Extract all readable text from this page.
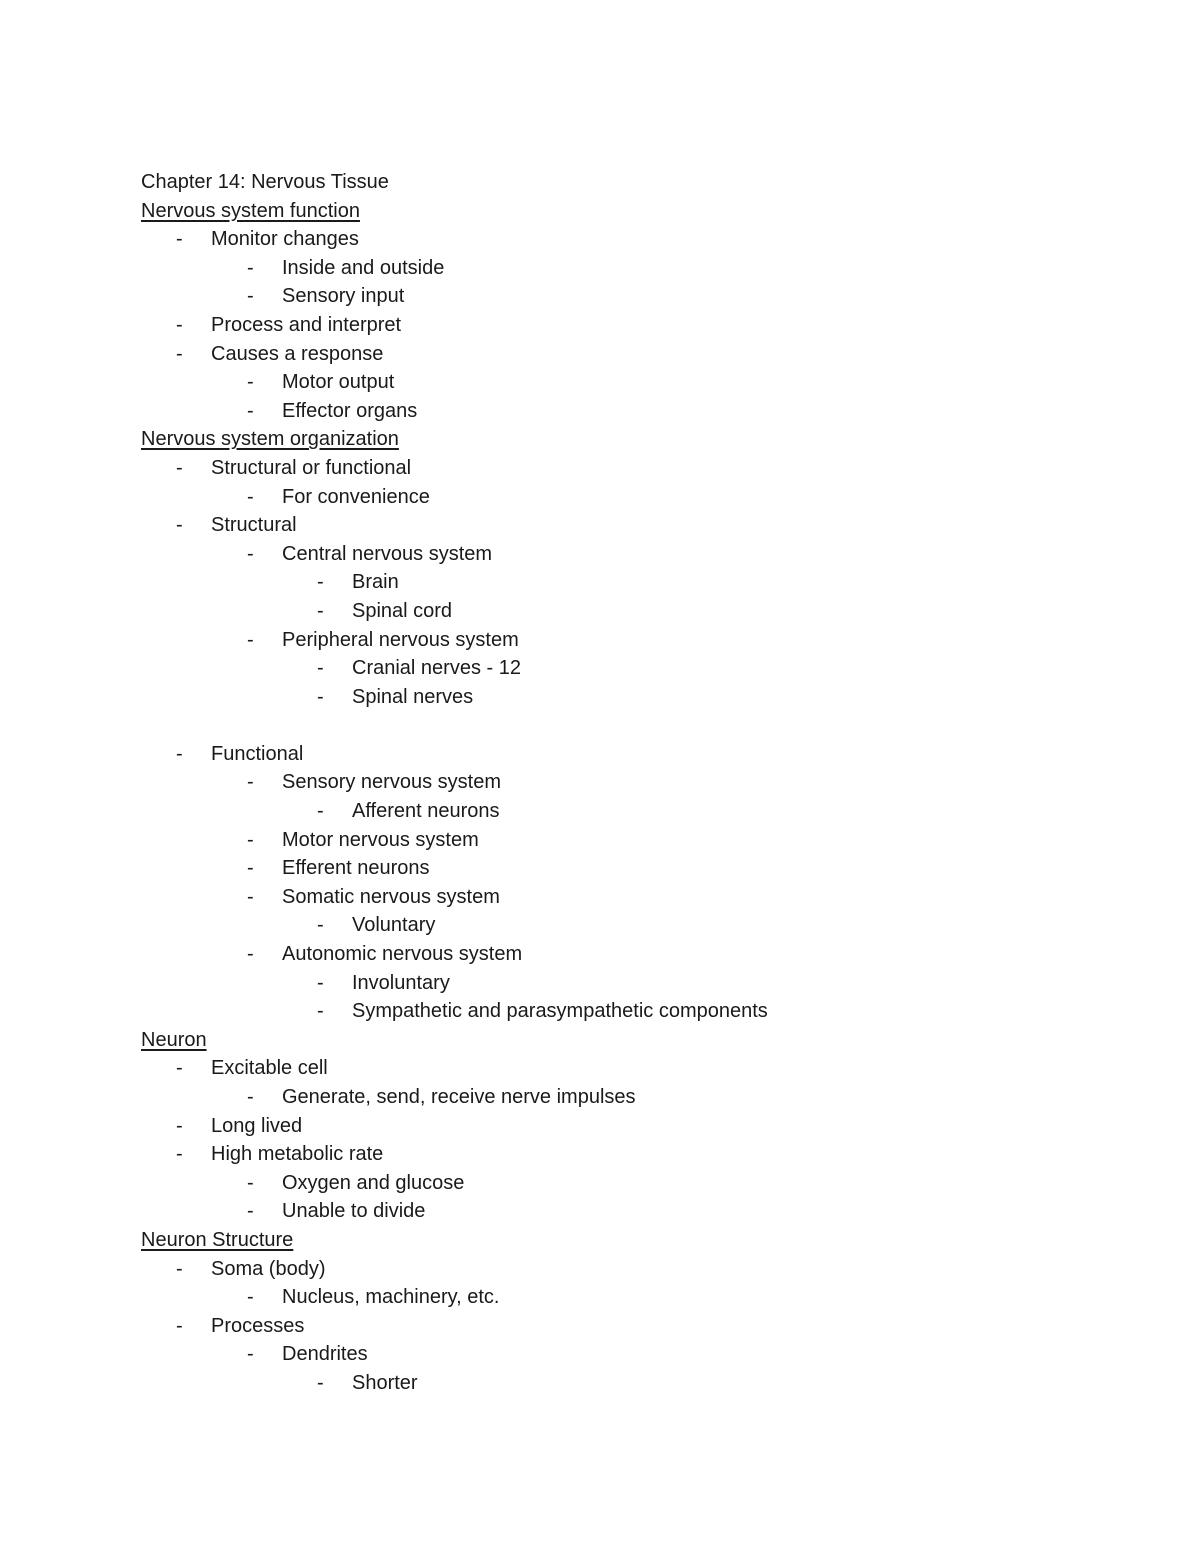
Chapter 14: Nervous Tissue
Nervous system function
- Monitor changes
- Inside and outside
- Sensory input
- Process and interpret
- Causes a response
- Motor output
- Effector organs
Nervous system organization
- Structural or functional
- For convenience
- Structural
- Central nervous system
- Brain
- Spinal cord
- Peripheral nervous system
- Cranial nerves - 12
- Spinal nerves
- Functional
- Sensory nervous system
- Afferent neurons
- Motor nervous system
- Efferent neurons
- Somatic nervous system
- Voluntary
- Autonomic nervous system
- Involuntary
- Sympathetic and parasympathetic components
Neuron
- Excitable cell
- Generate, send, receive nerve impulses
- Long lived
- High metabolic rate
- Oxygen and glucose
- Unable to divide
Neuron Structure
- Soma (body)
- Nucleus, machinery, etc.
- Processes
- Dendrites
- Shorter
